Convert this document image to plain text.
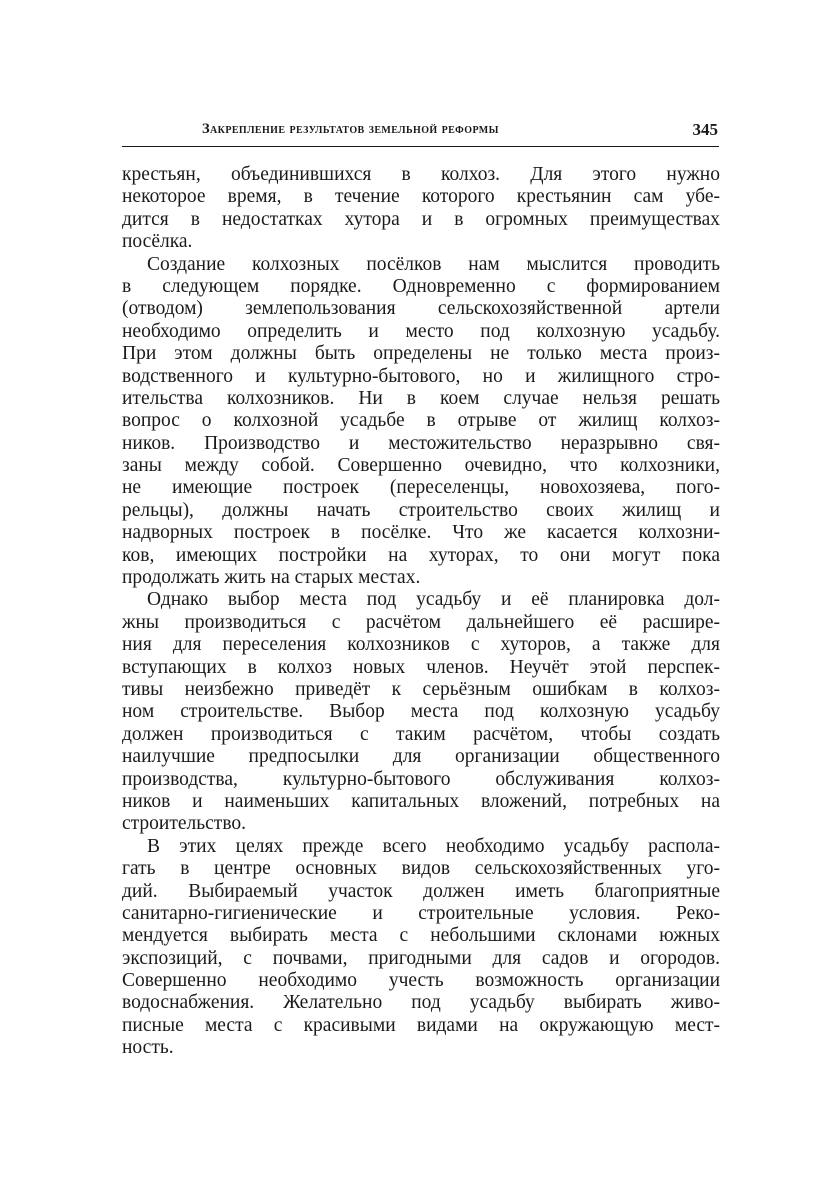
Закрепление результатов земельной реформы	345
крестьян, объединившихся в колхоз. Для этого нужно
некоторое время, в течение которого крестьянин сам убе-
дится в недостатках хутора и в огромных преимуществах
посёлка.
Создание колхозных посёлков нам мыслится проводить
в следующем порядке. Одновременно с формированием
(отводом) землепользования сельскохозяйственной артели
необходимо определить и место под колхозную усадьбу.
При этом должны быть определены не только места произ-
водственного и культурно-бытового, но и жилищного стро-
ительства колхозников. Ни в коем случае нельзя решать
вопрос о колхозной усадьбе в отрыве от жилищ колхоз-
ников. Производство и местожительство неразрывно свя-
заны между собой. Совершенно очевидно, что колхозники,
не имеющие построек (переселенцы, новохозяева, пого-
рельцы), должны начать строительство своих жилищ и
надворных построек в посёлке. Что же касается колхозни-
ков, имеющих постройки на хуторах, то они могут пока
продолжать жить на старых местах.
Однако выбор места под усадьбу и её планировка дол-
жны производиться с расчётом дальнейшего её расшире-
ния для переселения колхозников с хуторов, а также для
вступающих в колхоз новых членов. Неучёт этой перспек-
тивы неизбежно приведёт к серьёзным ошибкам в колхоз-
ном строительстве. Выбор места под колхозную усадьбу
должен производиться с таким расчётом, чтобы создать
наилучшие предпосылки для организации общественного
производства, культурно-бытового обслуживания колхоз-
ников и наименьших капитальных вложений, потребных на
строительство.
В этих целях прежде всего необходимо усадьбу распола-
гать в центре основных видов сельскохозяйственных уго-
дий. Выбираемый участок должен иметь благоприятные
санитарно-гигиенические и строительные условия. Реко-
мендуется выбирать места с небольшими склонами южных
экспозиций, с почвами, пригодными для садов и огородов.
Совершенно необходимо учесть возможность организации
водоснабжения. Желательно под усадьбу выбирать живо-
писные места с красивыми видами на окружающую мест-
ность.
